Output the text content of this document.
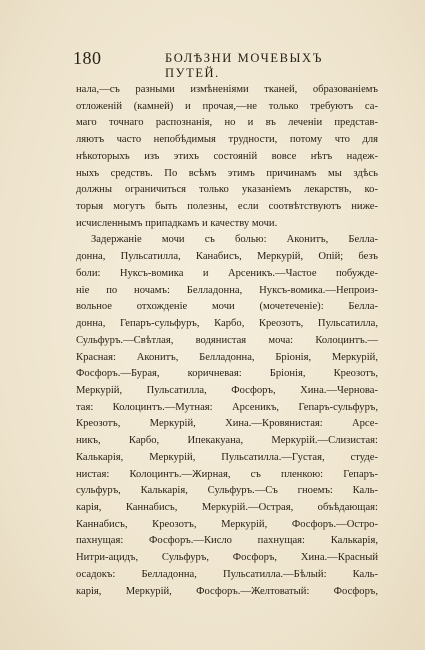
180	БОЛѢЗНИ МОЧЕВЫХЪ ПУТЕЙ.
нала,—съ разными измѣненіями тканей, образованіемъ
отложеній (камней) и прочая,—не только требуютъ са-
маго точнаго распознанія, но и въ леченіи представ-
ляютъ часто непобѣдимыя трудности, потому что для
нѣкоторыхъ изъ этихъ состояній вовсе нѣтъ надеж-
ныхъ средствъ. По всѣмъ этимъ причинамъ мы здѣсь
должны ограничиться только указаніемъ лекарствъ, ко-
торыя могутъ быть полезны, если соотвѣтствуютъ ниже-
исчисленнымъ припадкамъ и качеству мочи.
Задержаніе мочи съ болью: Аконитъ, Белла-
донна, Пульсатилла, Канабисъ, Меркурій, Опій; безъ
боли: Нуксъ-вомика и Арсеникъ.—Частое побужде-
ніе по ночамъ: Белладонна, Нуксъ-вомика.—Непроиз-
вольное отхожденіе мочи (мочетеченіе): Белла-
донна, Гепаръ-сульфуръ, Карбо, Креозотъ, Пульсатилла,
Сульфуръ.—Свѣтлая, водянистая моча: Колоцинтъ.—
Красная: Аконитъ, Белладонна, Бріонія, Меркурій,
Фосфоръ.—Бурая, коричневая: Бріонія, Креозотъ,
Меркурій, Пульсатилла, Фосфоръ, Хина.—Чернова-
тая: Колоцинтъ.—Мутная: Арсеникъ, Гепаръ-сульфуръ,
Креозотъ, Меркурій, Хина.—Кровянистая: Арсе-
никъ, Карбо, Ипекакуана, Меркурій.—Слизистая:
Калькарія, Меркурій, Пульсатилла.—Густая, студе-
нистая: Колоцинтъ.—Жирная, съ пленкою: Гепаръ-
сульфуръ, Калькарія, Сульфуръ.—Съ гноемъ: Каль-
карія, Каннабисъ, Меркурій.—Острая, объѣдающая:
Каннабисъ, Креозотъ, Меркурій, Фосфоръ.—Остро-
пахнущая: Фосфоръ.—Кисло пахнущая: Калькарія,
Нитри-ацидъ, Сульфуръ, Фосфоръ, Хина.—Красный
осадокъ: Белладонна, Пульсатилла.—Бѣлый: Каль-
карія, Меркурій, Фосфоръ.—Желтоватый: Фосфоръ,
